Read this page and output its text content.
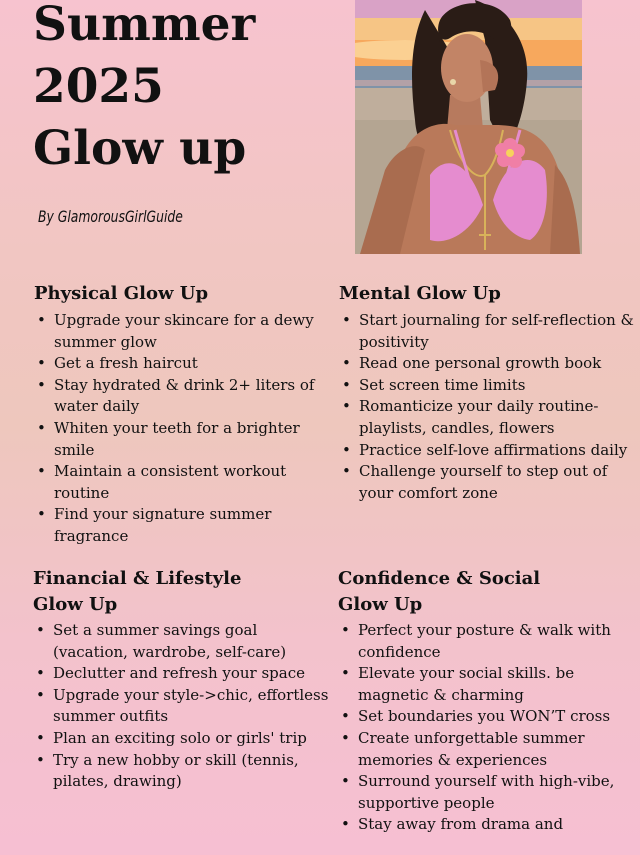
Summer
2025
Glow up
By GlamorousGirlGuide
Physical Glow Up
• Upgrade your skincare for a dewy summer glow
• Get a fresh haircut
• Stay hydrated & drink 2+ liters of water daily
• Whiten your teeth for a brighter smile
• Maintain a consistent workout routine
• Find your signature summer fragrance
Mental Glow Up
• Start journaling for self-reflection & positivity
• Read one personal growth book
• Set screen time limits
• Romanticize your daily routine- playlists, candles, flowers
• Practice self-love affirmations daily
• Challenge yourself to step out of your comfort zone
Financial & Lifestyle
Glow Up
• Set a summer savings goal (vacation, wardrobe, self-care)
• Declutter and refresh your space
• Upgrade your style->chic, effortless summer outfits
• Plan an exciting solo or girls' trip
• Try a new hobby or skill (tennis, pilates, drawing)
Confidence & Social
Glow Up
• Perfect your posture & walk with confidence
• Elevate your social skills. be magnetic & charming
• Set boundaries you WON’T cross
• Create unforgettable summer memories & experiences
• Surround yourself with high-vibe, supportive people
• Stay away from drama and
